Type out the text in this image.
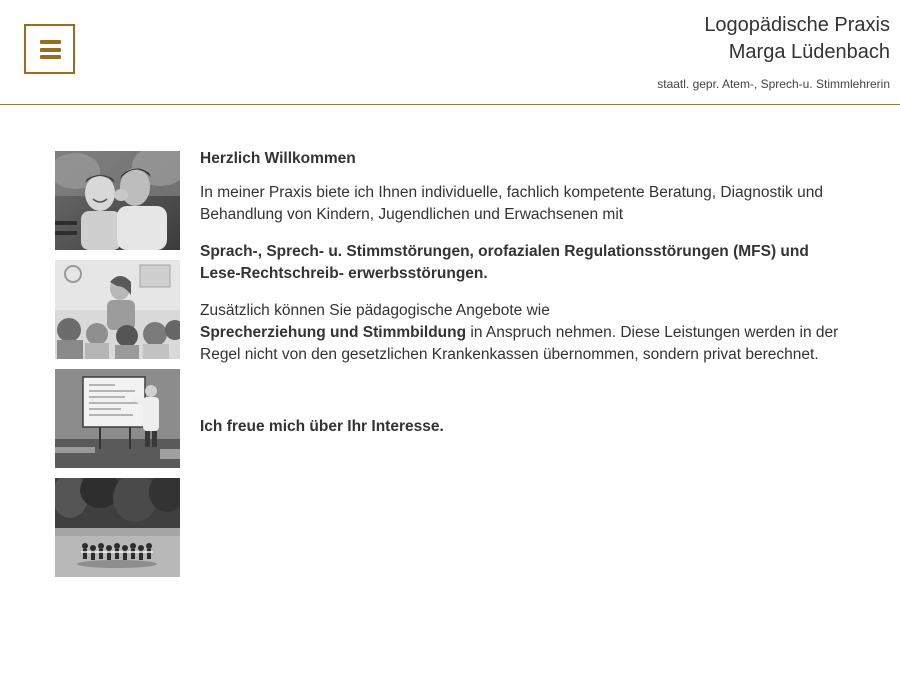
Logopädische Praxis
Marga Lüdenbach
staatl. gepr. Atem-, Sprech-u. Stimmlehrerin

Herzlich Willkommen

In meiner Praxis biete ich Ihnen individuelle, fachlich kompetente Beratung, Diagnostik und Behandlung von Kindern, Jugendlichen und Erwachsenen mit

Sprach-, Sprech- u. Stimmstörungen, orofazialen Regulationsstörungen (MFS) und Lese-Rechtschreib- erwerbsstörungen.

Zusätzlich können Sie pädagogische Angebote wie
Sprecherziehung und Stimmbildung in Anspruch nehmen. Diese Leistungen werden in der Regel nicht von den gesetzlichen Krankenkassen übernommen, sondern privat berechnet.

Ich freue mich über Ihr Interesse.
